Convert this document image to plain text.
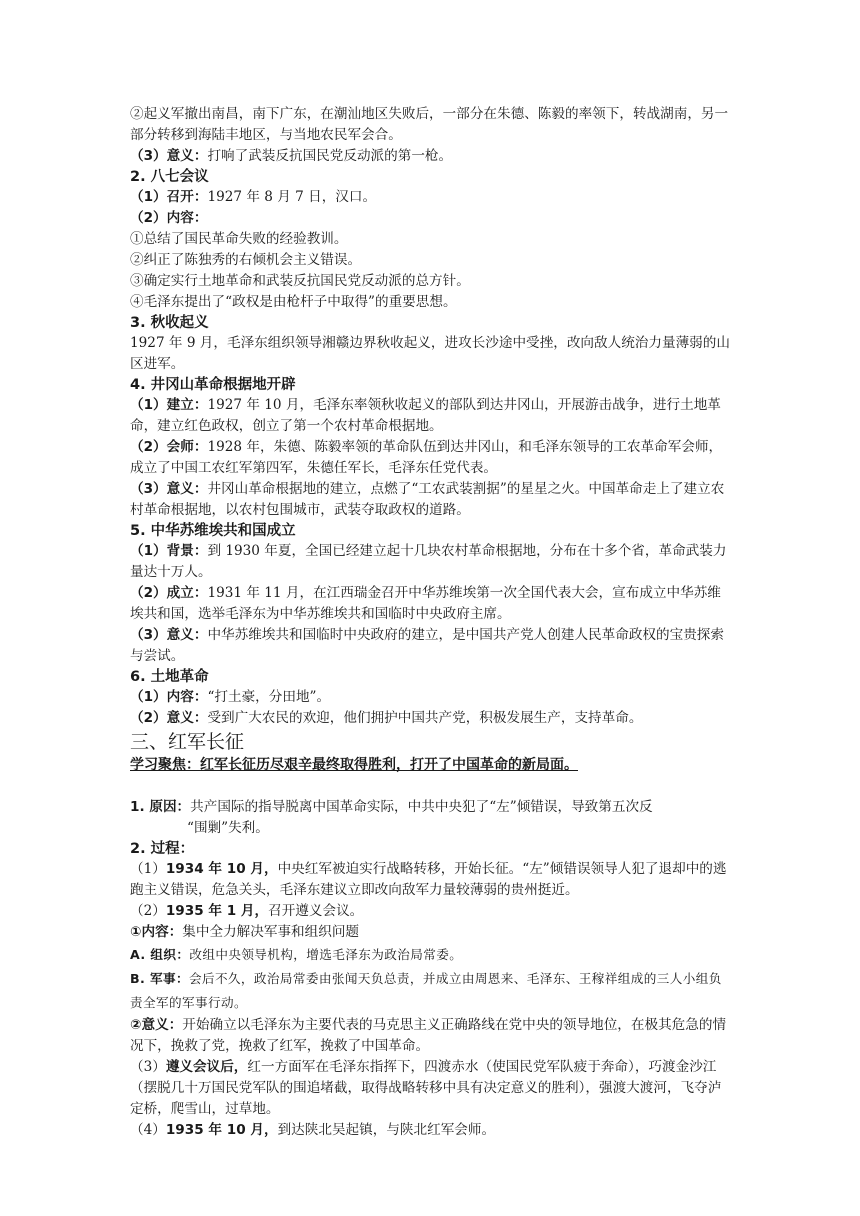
②起义军撤出南昌，南下广东，在潮汕地区失败后，一部分在朱德、陈毅的率领下，转战湖南，另一部分转移到海陆丰地区，与当地农民军会合。

（3）意义：打响了武装反抗国民党反动派的第一枪。

2. 八七会议

（1）召开：1927 年 8 月 7 日，汉口。

（2）内容：

①总结了国民革命失败的经验教训。

②纠正了陈独秀的右倾机会主义错误。

③确定实行土地革命和武装反抗国民党反动派的总方针。

④毛泽东提出了“政权是由枪杆子中取得”的重要思想。

3. 秋收起义

1927 年 9 月，毛泽东组织领导湘赣边界秋收起义，进攻长沙途中受挫，改向敌人统治力量薄弱的山区进军。

4. 井冈山革命根据地开辟

（1）建立：1927 年 10 月，毛泽东率领秋收起义的部队到达井冈山，开展游击战争，进行土地革命，建立红色政权，创立了第一个农村革命根据地。

（2）会师：1928 年，朱德、陈毅率领的革命队伍到达井冈山，和毛泽东领导的工农革命军会师，成立了中国工农红军第四军，朱德任军长，毛泽东任党代表。

（3）意义：井冈山革命根据地的建立，点燃了“工农武装割据”的星星之火。中国革命走上了建立农村革命根据地，以农村包围城市，武装夺取政权的道路。

5. 中华苏维埃共和国成立

（1）背景：到 1930 年夏，全国已经建立起十几块农村革命根据地，分布在十多个省，革命武装力量达十万人。

（2）成立：1931 年 11 月，在江西瑞金召开中华苏维埃第一次全国代表大会，宣布成立中华苏维埃共和国，选举毛泽东为中华苏维埃共和国临时中央政府主席。

（3）意义：中华苏维埃共和国临时中央政府的建立，是中国共产党人创建人民革命政权的宝贵探索与尝试。

6. 土地革命

（1）内容：“打土豪，分田地”。

（2）意义：受到广大农民的欢迎，他们拥护中国共产党，积极发展生产，支持革命。

三、红军长征

学习聚焦：红军长征历尽艰辛最终取得胜利，打开了中国革命的新局面。

1. 原因：共产国际的指导脱离中国革命实际，中共中央犯了“左”倾错误，导致第五次反

“围剿”失利。

2. 过程：

（1）1934 年 10 月，中央红军被迫实行战略转移，开始长征。“左”倾错误领导人犯了退却中的逃跑主义错误，危急关头，毛泽东建议立即改向敌军力量较薄弱的贵州挺近。

（2）1935 年 1 月，召开遵义会议。

①内容：集中全力解决军事和组织问题

A. 组织：改组中央领导机构，增选毛泽东为政治局常委。

B. 军事：会后不久，政治局常委由张闻天负总责，并成立由周恩来、毛泽东、王稼祥组成的三人小组负责全军的军事行动。

②意义：开始确立以毛泽东为主要代表的马克思主义正确路线在党中央的领导地位，在极其危急的情况下，挽救了党，挽救了红军，挽救了中国革命。

（3）遵义会议后，红一方面军在毛泽东指挥下，四渡赤水（使国民党军队疲于奔命），巧渡金沙江（摆脱几十万国民党军队的围追堵截，取得战略转移中具有决定意义的胜利），强渡大渡河，飞夺泸定桥，爬雪山，过草地。

（4）1935 年 10 月，到达陕北吴起镇，与陕北红军会师。
